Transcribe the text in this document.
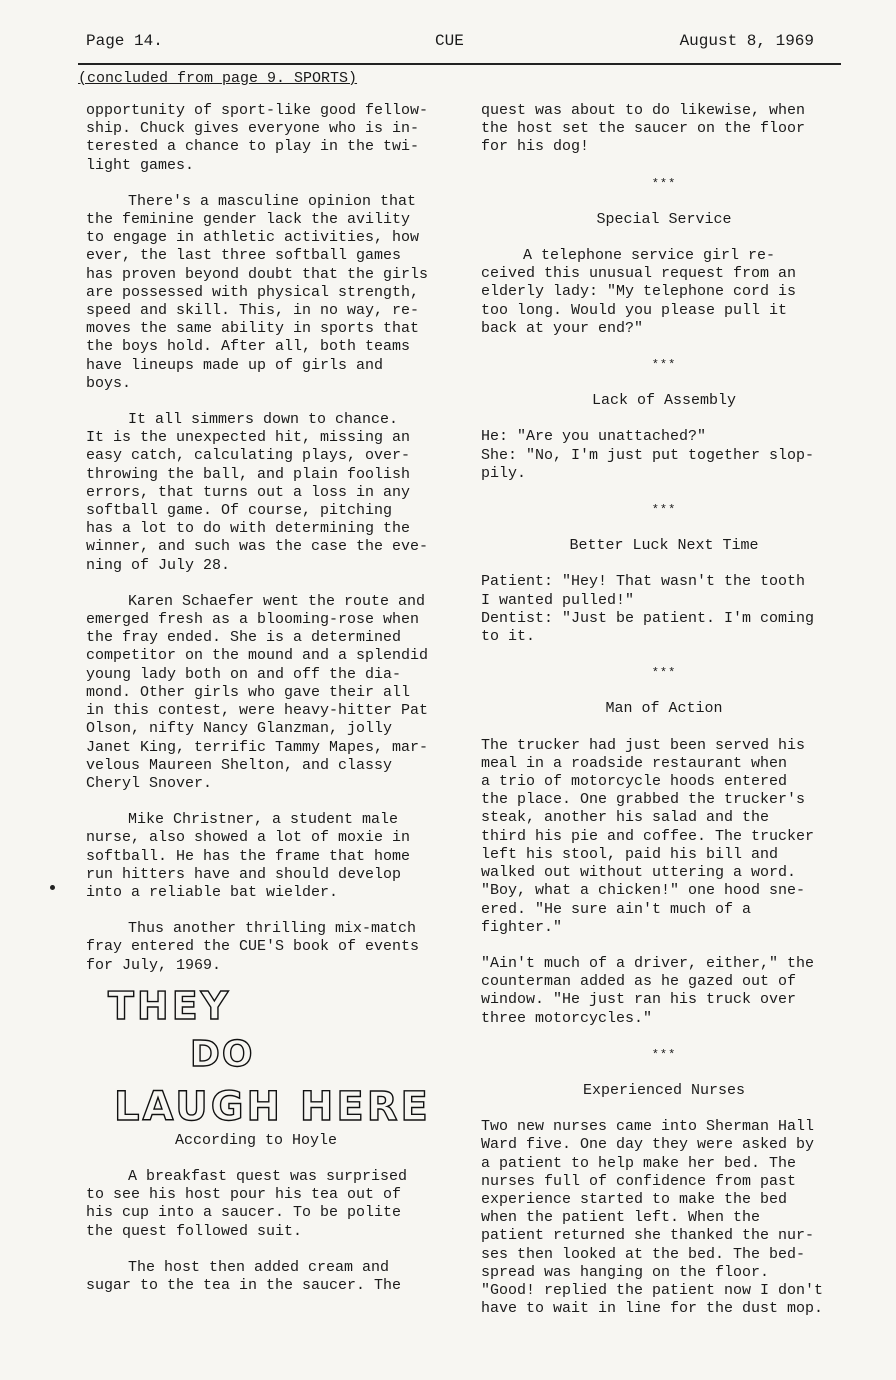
Page 14.	CUE	August 8, 1969
(concluded from page 9. SPORTS)

opportunity of sport-like good fellow-
ship. Chuck gives everyone who is in-
terested a chance to play in the twi-
light games.

There's a masculine opinion that
the feminine gender lack the avility
to engage in athletic activities, how
ever, the last three softball games
has proven beyond doubt that the girls
are possessed with physical strength,
speed and skill. This, in no way, re-
moves the same ability in sports that
the boys hold. After all, both teams
have lineups made up of girls and
boys.

It all simmers down to chance.
It is the unexpected hit, missing an
easy catch, calculating plays, over-
throwing the ball, and plain foolish
errors, that turns out a loss in any
softball game. Of course, pitching
has a lot to do with determining the
winner, and such was the case the eve-
ning of July 28.

Karen Schaefer went the route and
emerged fresh as a blooming-rose when
the fray ended. She is a determined
competitor on the mound and a splendid
young lady both on and off the dia-
mond. Other girls who gave their all
in this contest, were heavy-hitter Pat
Olson, nifty Nancy Glanzman, jolly
Janet King, terrific Tammy Mapes, mar-
velous Maureen Shelton, and classy
Cheryl Snover.

Mike Christner, a student male
nurse, also showed a lot of moxie in
softball. He has the frame that home
run hitters have and should develop
into a reliable bat wielder.

Thus another thrilling mix-match
fray entered the CUE'S book of events
for July, 1969.

THEY
DO
LAUGH HERE
According to Hoyle

A breakfast quest was surprised
to see his host pour his tea out of
his cup into a saucer. To be polite
the quest followed suit.

The host then added cream and
sugar to the tea in the saucer. The

quest was about to do likewise, when
the host set the saucer on the floor
for his dog!

***

Special Service

A telephone service girl re-
ceived this unusual request from an
elderly lady: "My telephone cord is
too long. Would you please pull it
back at your end?"

***

Lack of Assembly

He: "Are you unattached?"
She: "No, I'm just put together slop-
pily.

***

Better Luck Next Time

Patient: "Hey! That wasn't the tooth
I wanted pulled!"
Dentist: "Just be patient. I'm coming
to it.

***

Man of Action

The trucker had just been served his
meal in a roadside restaurant when
a trio of motorcycle hoods entered
the place. One grabbed the trucker's
steak, another his salad and the
third his pie and coffee. The trucker
left his stool, paid his bill and
walked out without uttering a word.
"Boy, what a chicken!" one hood sne-
ered. "He sure ain't much of a
fighter."

"Ain't much of a driver, either," the
counterman added as he gazed out of
window. "He just ran his truck over
three motorcycles."

***

Experienced Nurses

Two new nurses came into Sherman Hall
Ward five. One day they were asked by
a patient to help make her bed. The
nurses full of confidence from past
experience started to make the bed
when the patient left. When the
patient returned she thanked the nur-
ses then looked at the bed. The bed-
spread was hanging on the floor.
"Good! replied the patient now I don't
have to wait in line for the dust mop.
